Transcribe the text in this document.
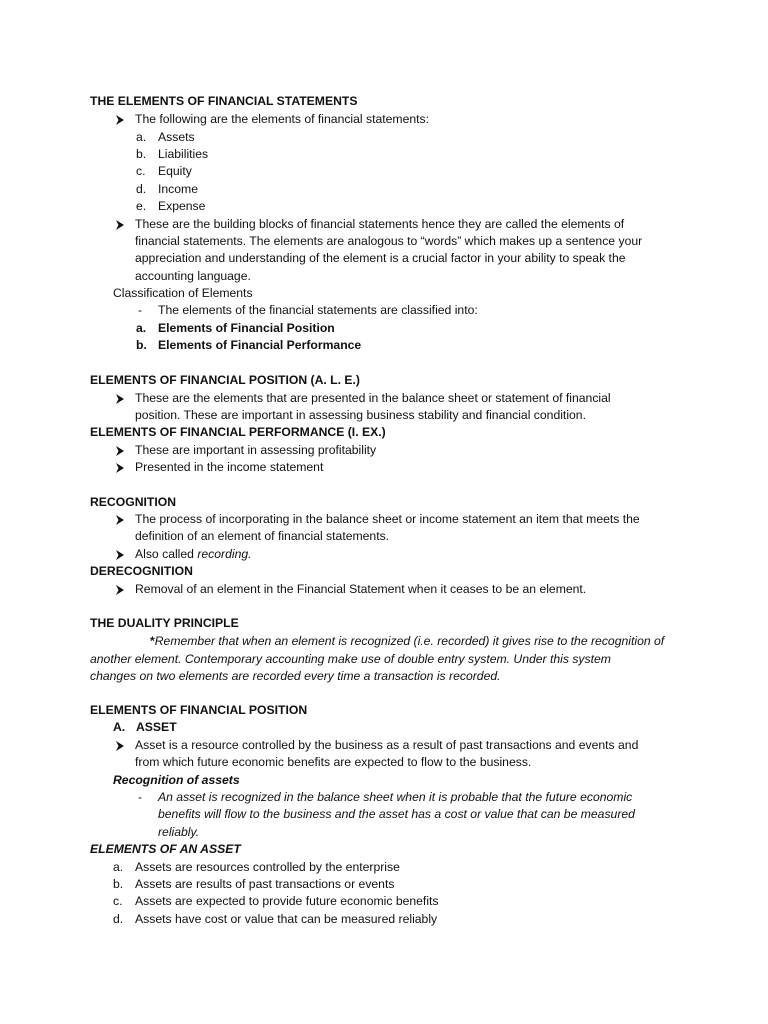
THE ELEMENTS OF FINANCIAL STATEMENTS
The following are the elements of financial statements:
a. Assets
b. Liabilities
c.	Equity
d. Income
e. Expense
These are the building blocks of financial statements hence they are called the elements of
financial statements. The elements are analogous to “words” which makes up a sentence your
appreciation and understanding of the element is a crucial factor in your ability to speak the
accounting language.
Classification of Elements
-	The elements of the financial statements are classified into:
a. Elements of Financial Position
b. Elements of Financial Performance
ELEMENTS OF FINANCIAL POSITION (A. L. E.)
These are the elements that are presented in the balance sheet or statement of financial
position. These are important in assessing business stability and financial condition.
ELEMENTS OF FINANCIAL PERFORMANCE (I. EX.)
These are important in assessing profitability
Presented in the income statement
RECOGNITION
The process of incorporating in the balance sheet or income statement an item that meets the
definition of an element of financial statements.
Also called recording.
DERECOGNITION
Removal of an element in the Financial Statement when it ceases to be an element.
THE DUALITY PRINCIPLE
*Remember that when an element is recognized (i.e. recorded) it gives rise to the recognition of
another element. Contemporary accounting make use of double entry system. Under this system
changes on two elements are recorded every time a transaction is recorded.
ELEMENTS OF FINANCIAL POSITION
A. ASSET
Asset is a resource controlled by the business as a result of past transactions and events and
from which future economic benefits are expected to flow to the business.
Recognition of assets
-	An asset is recognized in the balance sheet when it is probable that the future economic
benefits will flow to the business and the asset has a cost or value that can be measured
reliably.
ELEMENTS OF AN ASSET
a. Assets are resources controlled by the enterprise
b. Assets are results of past transactions or events
c.	Assets are expected to provide future economic benefits
d. Assets have cost or value that can be measured reliably
